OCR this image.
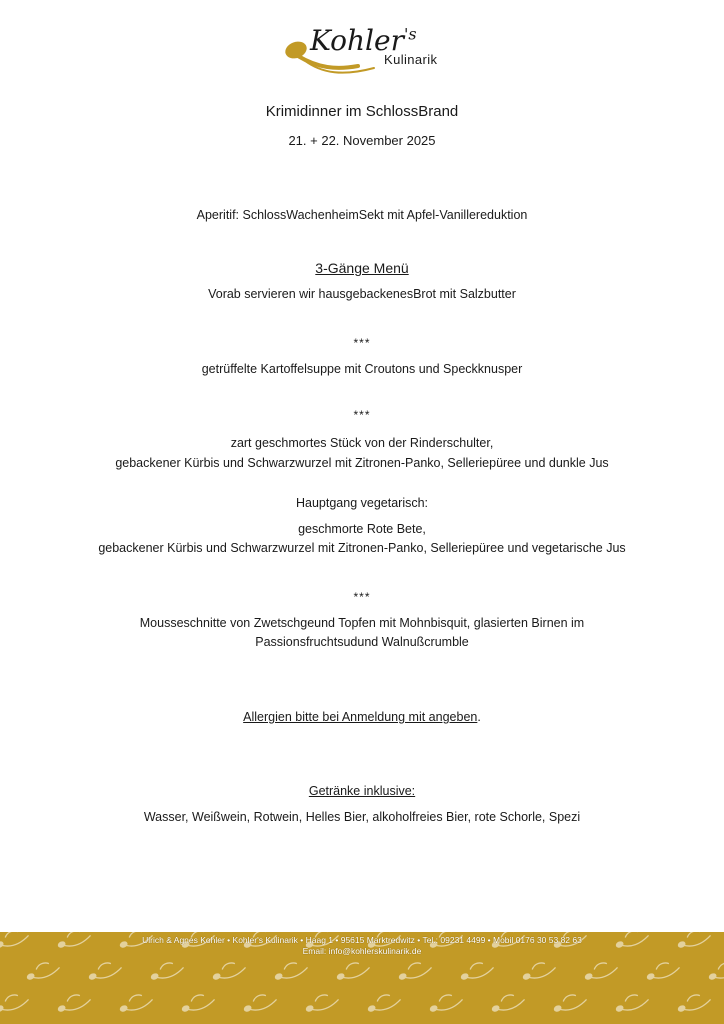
Kohler$^{'s}$
Kulinarik
Krimidinner im SchlossBrand
21. + 22. November 2025
Aperitif: SchlossWachenheimSekt mit Apfel-Vanillereduktion
3-Gänge Menü
Vorab servieren wir hausgebackenesBrot mit Salzbutter
***
getrüffelte Kartoffelsuppe mit Croutons und Speckknusper
***
zart geschmortes Stück von der Rinderschulter,
gebackener Kürbis und Schwarzwurzel mit Zitronen-Panko, Selleriepüree und dunkle Jus
Hauptgang vegetarisch:
geschmorte Rote Bete,
gebackener Kürbis und Schwarzwurzel mit Zitronen-Panko, Selleriepüree und vegetarische Jus
***
Mousseschnitte von Zwetschgeund Topfen mit Mohnbisquit, glasierten Birnen im
Passionsfruchtsudund Walnußcrumble
Allergien bitte bei Anmeldung mit angeben.
Getränke inklusive:
Wasser, Weißwein, Rotwein, Helles Bier, alkoholfreies Bier, rote Schorle, Spezi
Ulrich & Agnes Kohler • Kohler's Kulinarik • Haag 1 • 95615 Marktredwitz • Tel.: 09231 4499 • Mobil 0176 30 53 82 63
Email: info@kohlerskulinarik.de
